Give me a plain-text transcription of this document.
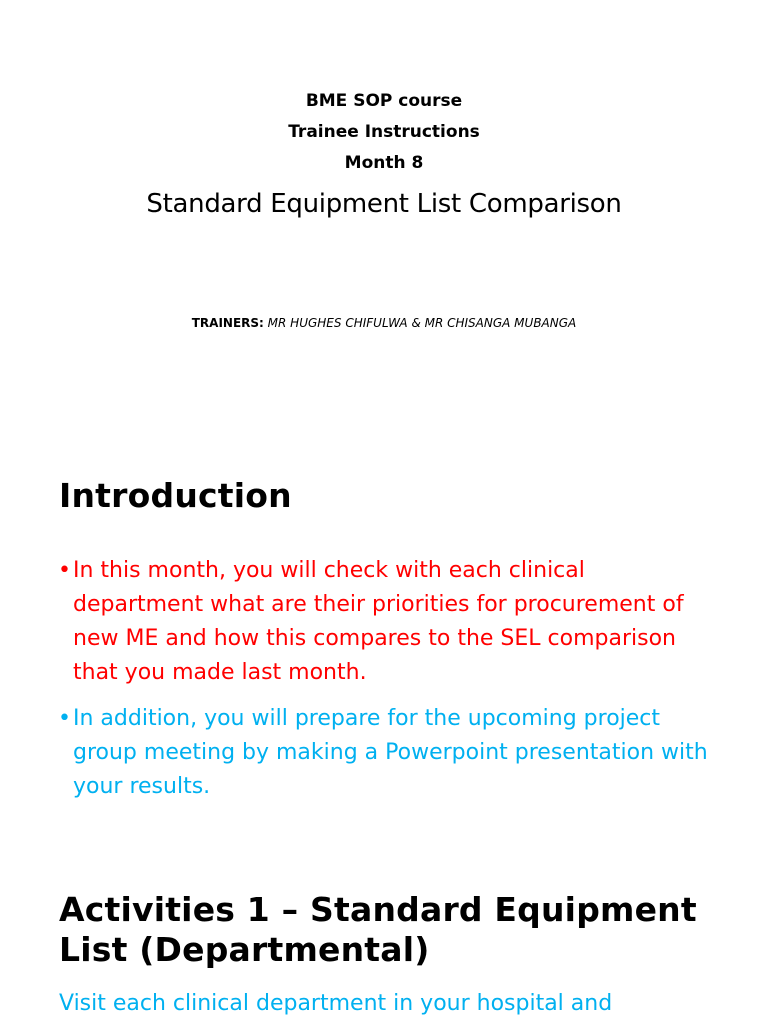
BME SOP course
Trainee Instructions
Month 8
Standard Equipment List Comparison
TRAINERS: MR HUGHES CHIFULWA & MR CHISANGA MUBANGA
Introduction
• In this month, you will check with each clinical department what are their priorities for procurement of new ME and how this compares to the SEL comparison that you made last month.
• In addition, you will prepare for the upcoming project group meeting by making a Powerpoint presentation with your results.
Activities 1 – Standard Equipment List (Departmental)
Visit each clinical department in your hospital and
